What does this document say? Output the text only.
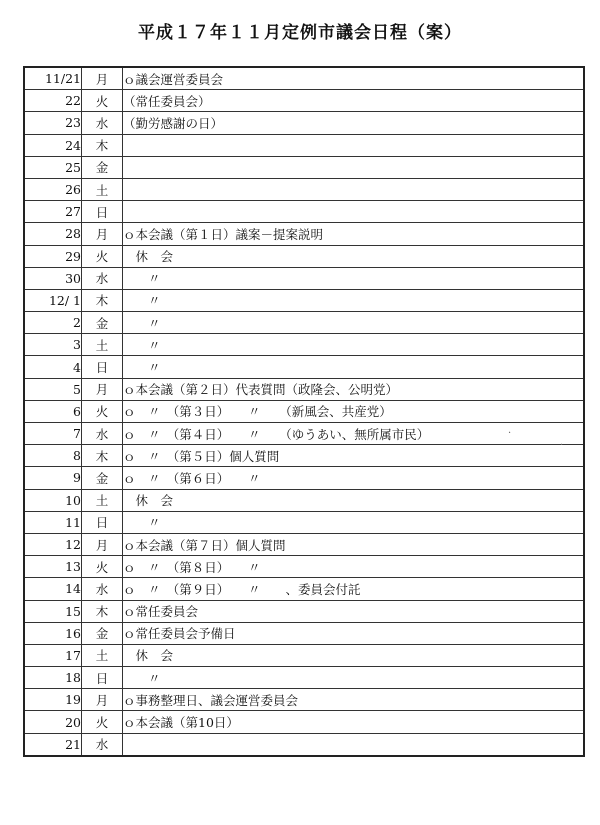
平成１７年１１月定例市議会日程（案）
11/21	月	ｏ議会運営委員会
22	火	（常任委員会）
23	水	（勤労感謝の日）
24	木	
25	金	
26	土	
27	日	
28	月	ｏ本会議（第１日）議案－提案説明
29	火	　休　会
30	水	　　〃
12/ 1	木	　　〃
2	金	　　〃
3	土	　　〃
4	日	　　〃
5	月	ｏ本会議（第２日）代表質問（政隆会、公明党）
6	火	ｏ　〃　（第３日）　　〃　　（新風会、共産党）
7	水	ｏ　〃　（第４日）　　〃　　（ゆうあい、無所属市民）
8	木	ｏ　〃　（第５日）個人質問
9	金	ｏ　〃　（第６日）　　〃
10	土	　休　会
11	日	　　〃
12	月	ｏ本会議（第７日）個人質問
13	火	ｏ　〃　（第８日）　　〃
14	水	ｏ　〃　（第９日）　　〃　　、委員会付託
15	木	ｏ常任委員会
16	金	ｏ常任委員会予備日
17	土	　休　会
18	日	　　〃
19	月	ｏ事務整理日、議会運営委員会
20	火	ｏ本会議（第10日）
21	水	
·
·
